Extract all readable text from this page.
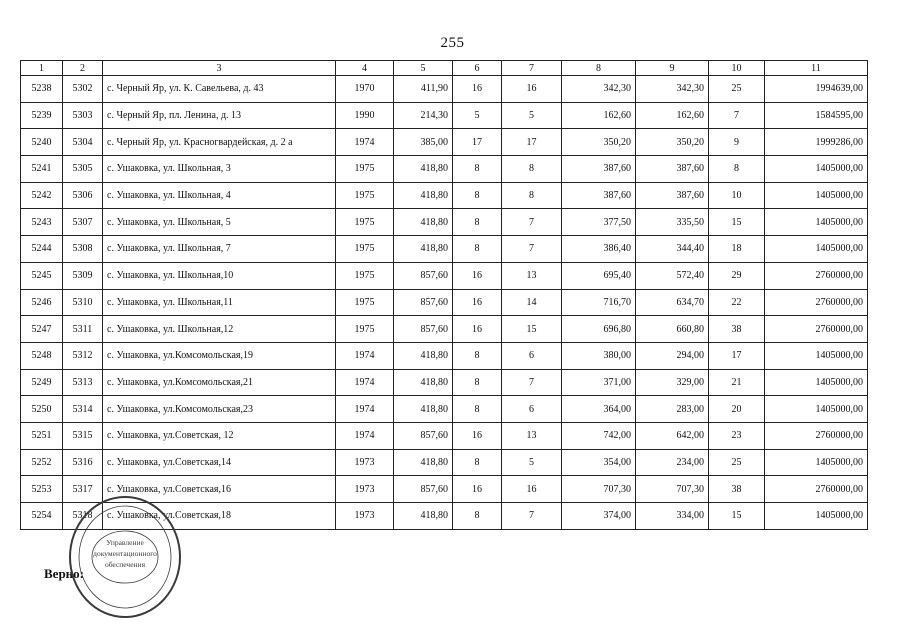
255
1	2	3	4	5	6	7	8	9	10	11
5238	5302	с. Черный Яр, ул. К. Савельева, д. 43	1970	411,90	16	16	342,30	342,30	25	1994639,00
5239	5303	с. Черный Яр, пл. Ленина, д. 13	1990	214,30	5	5	162,60	162,60	7	1584595,00
5240	5304	с. Черный Яр, ул. Красногвардейская, д. 2 а	1974	385,00	17	17	350,20	350,20	9	1999286,00
5241	5305	с. Ушаковка, ул. Школьная, 3	1975	418,80	8	8	387,60	387,60	8	1405000,00
5242	5306	с. Ушаковка, ул. Школьная, 4	1975	418,80	8	8	387,60	387,60	10	1405000,00
5243	5307	с. Ушаковка, ул. Школьная, 5	1975	418,80	8	7	377,50	335,50	15	1405000,00
5244	5308	с. Ушаковка, ул. Школьная, 7	1975	418,80	8	7	386,40	344,40	18	1405000,00
5245	5309	с. Ушаковка, ул. Школьная,10	1975	857,60	16	13	695,40	572,40	29	2760000,00
5246	5310	с. Ушаковка, ул. Школьная,11	1975	857,60	16	14	716,70	634,70	22	2760000,00
5247	5311	с. Ушаковка, ул. Школьная,12	1975	857,60	16	15	696,80	660,80	38	2760000,00
5248	5312	с. Ушаковка, ул.Комсомольская,19	1974	418,80	8	6	380,00	294,00	17	1405000,00
5249	5313	с. Ушаковка, ул.Комсомольская,21	1974	418,80	8	7	371,00	329,00	21	1405000,00
5250	5314	с. Ушаковка, ул.Комсомольская,23	1974	418,80	8	6	364,00	283,00	20	1405000,00
5251	5315	с. Ушаковка, ул.Советская, 12	1974	857,60	16	13	742,00	642,00	23	2760000,00
5252	5316	с. Ушаковка, ул.Советская,14	1973	418,80	8	5	354,00	234,00	25	1405000,00
5253	5317	с. Ушаковка, ул.Советская,16	1973	857,60	16	16	707,30	707,30	38	2760000,00
5254	5318	с. Ушаковка, ул.Советская,18	1973	418,80	8	7	374,00	334,00	15	1405000,00
Верно:
Управление
документационного
обеспечения
